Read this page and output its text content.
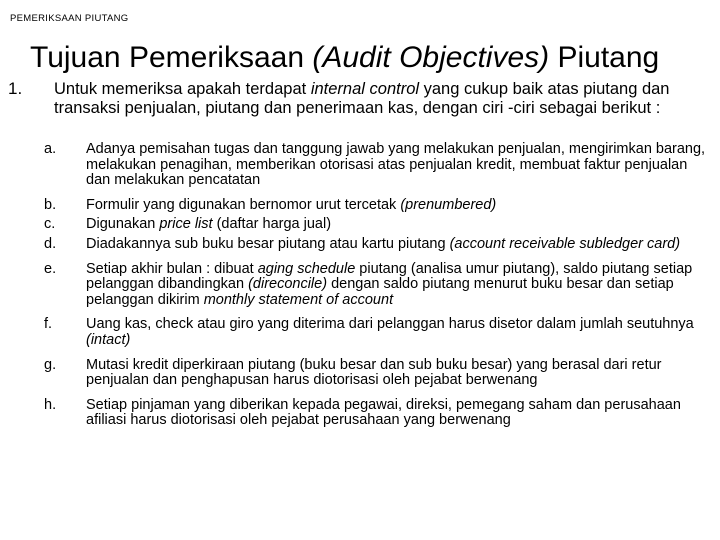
PEMERIKSAAN PIUTANG
Tujuan Pemeriksaan (Audit Objectives) Piutang
1. Untuk memeriksa apakah terdapat internal control yang cukup baik atas piutang dan transaksi penjualan, piutang dan penerimaan kas, dengan ciri -ciri sebagai berikut :
a. Adanya pemisahan tugas dan tanggung jawab yang melakukan penjualan, mengirimkan barang, melakukan penagihan, memberikan otorisasi atas penjualan kredit, membuat faktur penjualan dan melakukan pencatatan
b. Formulir yang digunakan bernomor urut tercetak (prenumbered)
c. Digunakan price list (daftar harga jual)
d. Diadakannya sub buku besar piutang atau kartu piutang (account receivable subledger card)
e. Setiap akhir bulan : dibuat aging schedule piutang (analisa umur piutang), saldo piutang setiap pelanggan dibandingkan (direconcile) dengan saldo piutang menurut buku besar dan setiap pelanggan dikirim monthly statement of account
f. Uang kas, check atau giro yang diterima dari pelanggan harus disetor dalam jumlah seutuhnya (intact)
g. Mutasi kredit diperkiraan piutang (buku besar dan sub buku besar) yang berasal dari retur penjualan dan penghapusan harus diotorisasi oleh pejabat berwenang
h. Setiap pinjaman yang diberikan kepada pegawai, direksi, pemegang saham dan perusahaan afiliasi harus diotorisasi oleh pejabat perusahaan yang berwenang
